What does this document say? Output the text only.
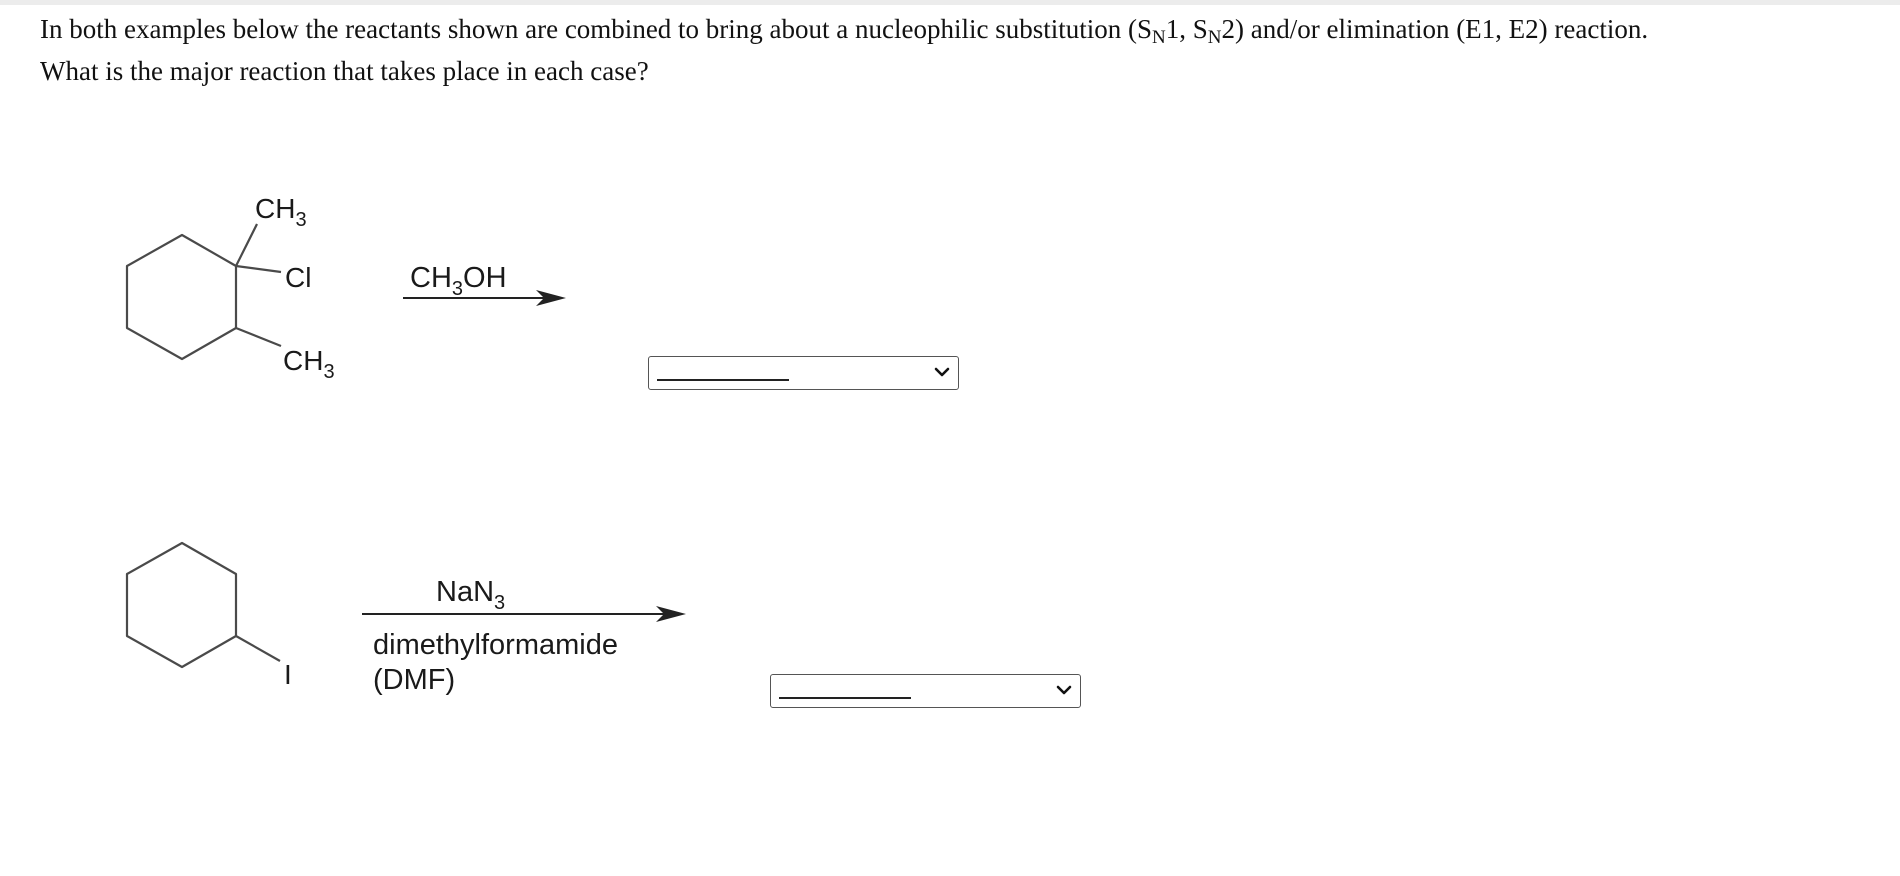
In both examples below the reactants shown are combined to bring about a nucleophilic substitution ($S_N1$, $S_N2$) and/or elimination (E1, E2) reaction.
What is the major reaction that takes place in each case?
$CH_3$
Cl
$CH_3$
$CH_3OH$
I
NaN$_3$
dimethylformamide
(DMF)
